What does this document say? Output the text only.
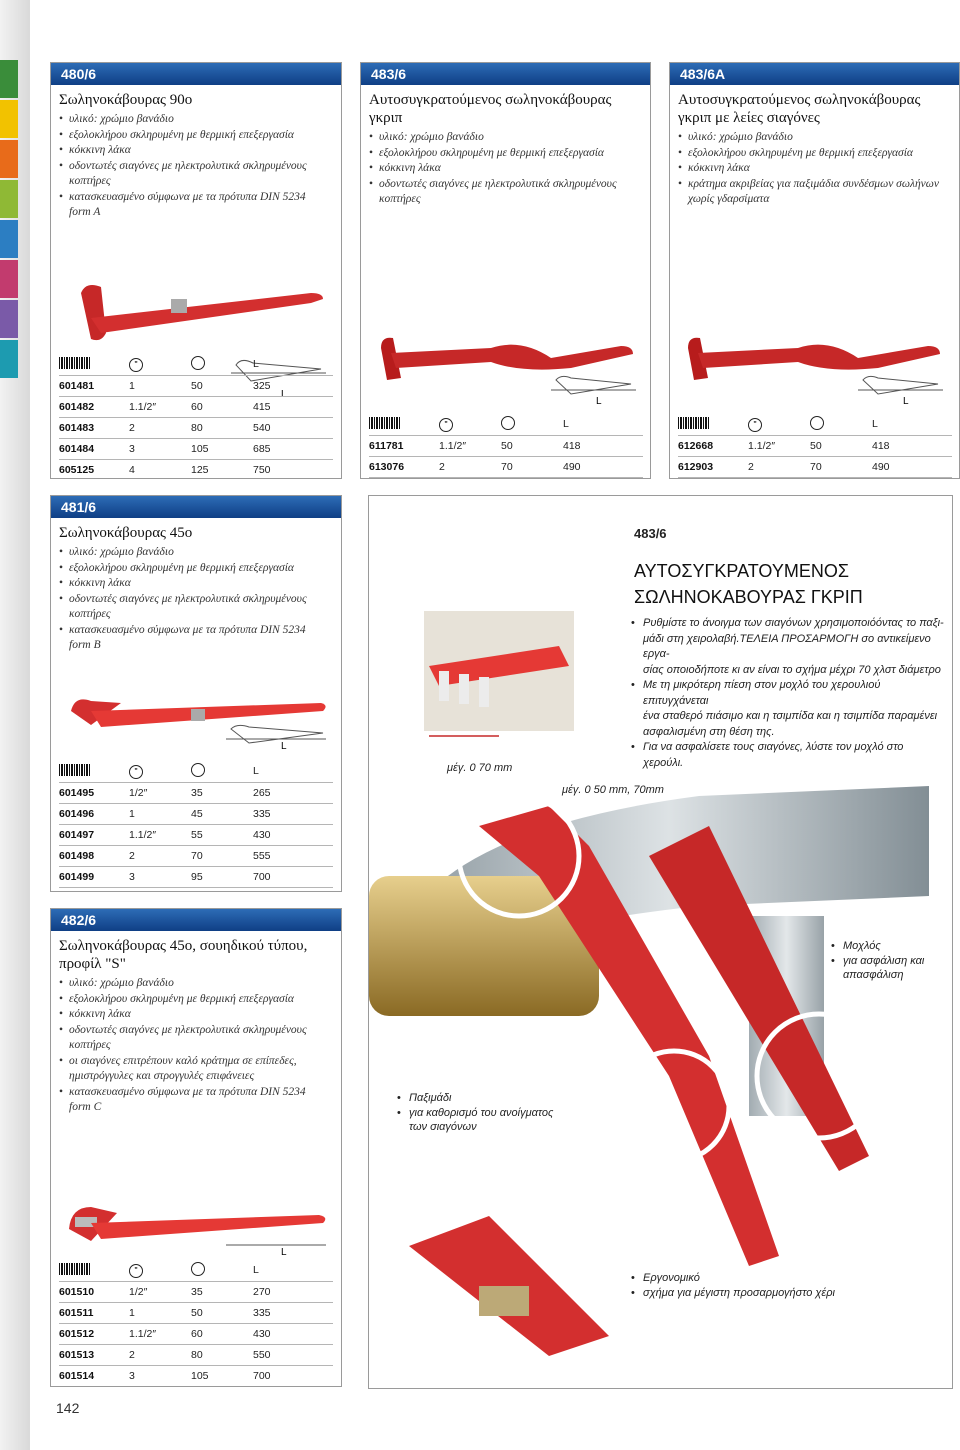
480/6
Σωληνοκάβουρας 90ο
• υλικό: χρώμιο βανάδιο
• εξολοκλήρου σκληρυμένη με θερμική επεξεργασία
• κόκκινη λάκα
• οδοντωτές σιαγόνες με ηλεκτρολυτικά σκληρυμένους
κοπτήρες
• κατασκευασμένο σύμφωνα με τα πρότυπα DIN 5234
form A
L
	"		L
601481	1	50	325
601482	1.1/2″	60	415
601483	2	80	540
601484	3	105	685
605125	4	125	750
483/6
Αυτοσυγκρατούμενος σωληνοκάβουρας γκριπ
• υλικό: χρώμιο βανάδιο
• εξολοκλήρου σκληρυμένη με θερμική επεξεργασία
• κόκκινη λάκα
• οδοντωτές σιαγόνες με ηλεκτρολυτικά σκληρυμένους
κοπτήρες
L
	"		L
611781	1.1/2″	50	418
613076	2	70	490
483/6A
Αυτοσυγκρατούμενος σωληνοκάβουρας γκριπ με λείες σιαγόνες
• υλικό: χρώμιο βανάδιο
• εξολοκλήρου σκληρυμένη με θερμική επεξεργασία
• κόκκινη λάκα
• κράτημα ακριβείας για παξιμάδια συνδέσμων σωλήνων
χωρίς γδαρσίματα
L
	"		L
612668	1.1/2″	50	418
612903	2	70	490
481/6
Σωληνοκάβουρας 45ο
• υλικό: χρώμιο βανάδιο
• εξολοκλήρου σκληρυμένη με θερμική επεξεργασία
• κόκκινη λάκα
• οδοντωτές σιαγόνες με ηλεκτρολυτικά σκληρυμένους
κοπτήρες
• κατασκευασμένο σύμφωνα με τα πρότυπα DIN 5234
form B
L
	"		L
601495	1/2″	35	265
601496	1	45	335
601497	1.1/2″	55	430
601498	2	70	555
601499	3	95	700
482/6
Σωληνοκάβουρας 45ο, σουηδικού τύπου, προφίλ "S"
• υλικό: χρώμιο βανάδιο
• εξολοκλήρου σκληρυμένη με θερμική επεξεργασία
• κόκκινη λάκα
• οδοντωτές σιαγόνες με ηλεκτρολυτικά σκληρυμένους
κοπτήρες
• οι σιαγόνες επιτρέπουν καλό κράτημα σε επίπεδες,
ημιστρόγγυλες και στρογγυλές επιφάνειες
• κατασκευασμένο σύμφωνα με τα πρότυπα DIN 5234
form C
L
	"		L
601510	1/2″	35	270
601511	1	50	335
601512	1.1/2″	60	430
601513	2	80	550
601514	3	105	700
483/6
ΑΥΤΟΣΥΓΚΡΑΤΟΥΜΕΝΟΣ
ΣΩΛΗΝΟΚΑΒΟΥΡΑΣ ΓΚΡΙΠ
• Ρυθμίστε το άνοιγμα των σιαγόνων χρησιμοποιόόντας το παξι-
μάδι στη χειρολαβή.ΤΕΛΕΙΑ ΠΡΟΣΑΡΜΟΓΗ σο αντικείμενο εργα-
σίας οποιοδήποτε κι αν είναι το σχήμα μέχρι 70 χλστ διάμετρο
• Με τη μικρότερη πίεση στον μοχλό του χερουλιού επιτυγχάνεται
ένα σταθερό πιάσιμο και η τσιμπίδα και η τσιμπίδα παραμένει
ασφαλισμένη στη θέση της.
• Για να ασφαλίσετε τους σιαγόνες, λύστε τον μοχλό στο χερούλι.
μέγ. 0 70 mm
μέγ. 0 50 mm, 70mm
• Μοχλός
• για ασφάλιση και
απασφάλιση
• Παξιμάδι
• για καθορισμό του ανοίγματος
των σιαγόνων
• Εργονομικό
• σχήμα για μέγιστη προσαρμογήστο χέρι
142
